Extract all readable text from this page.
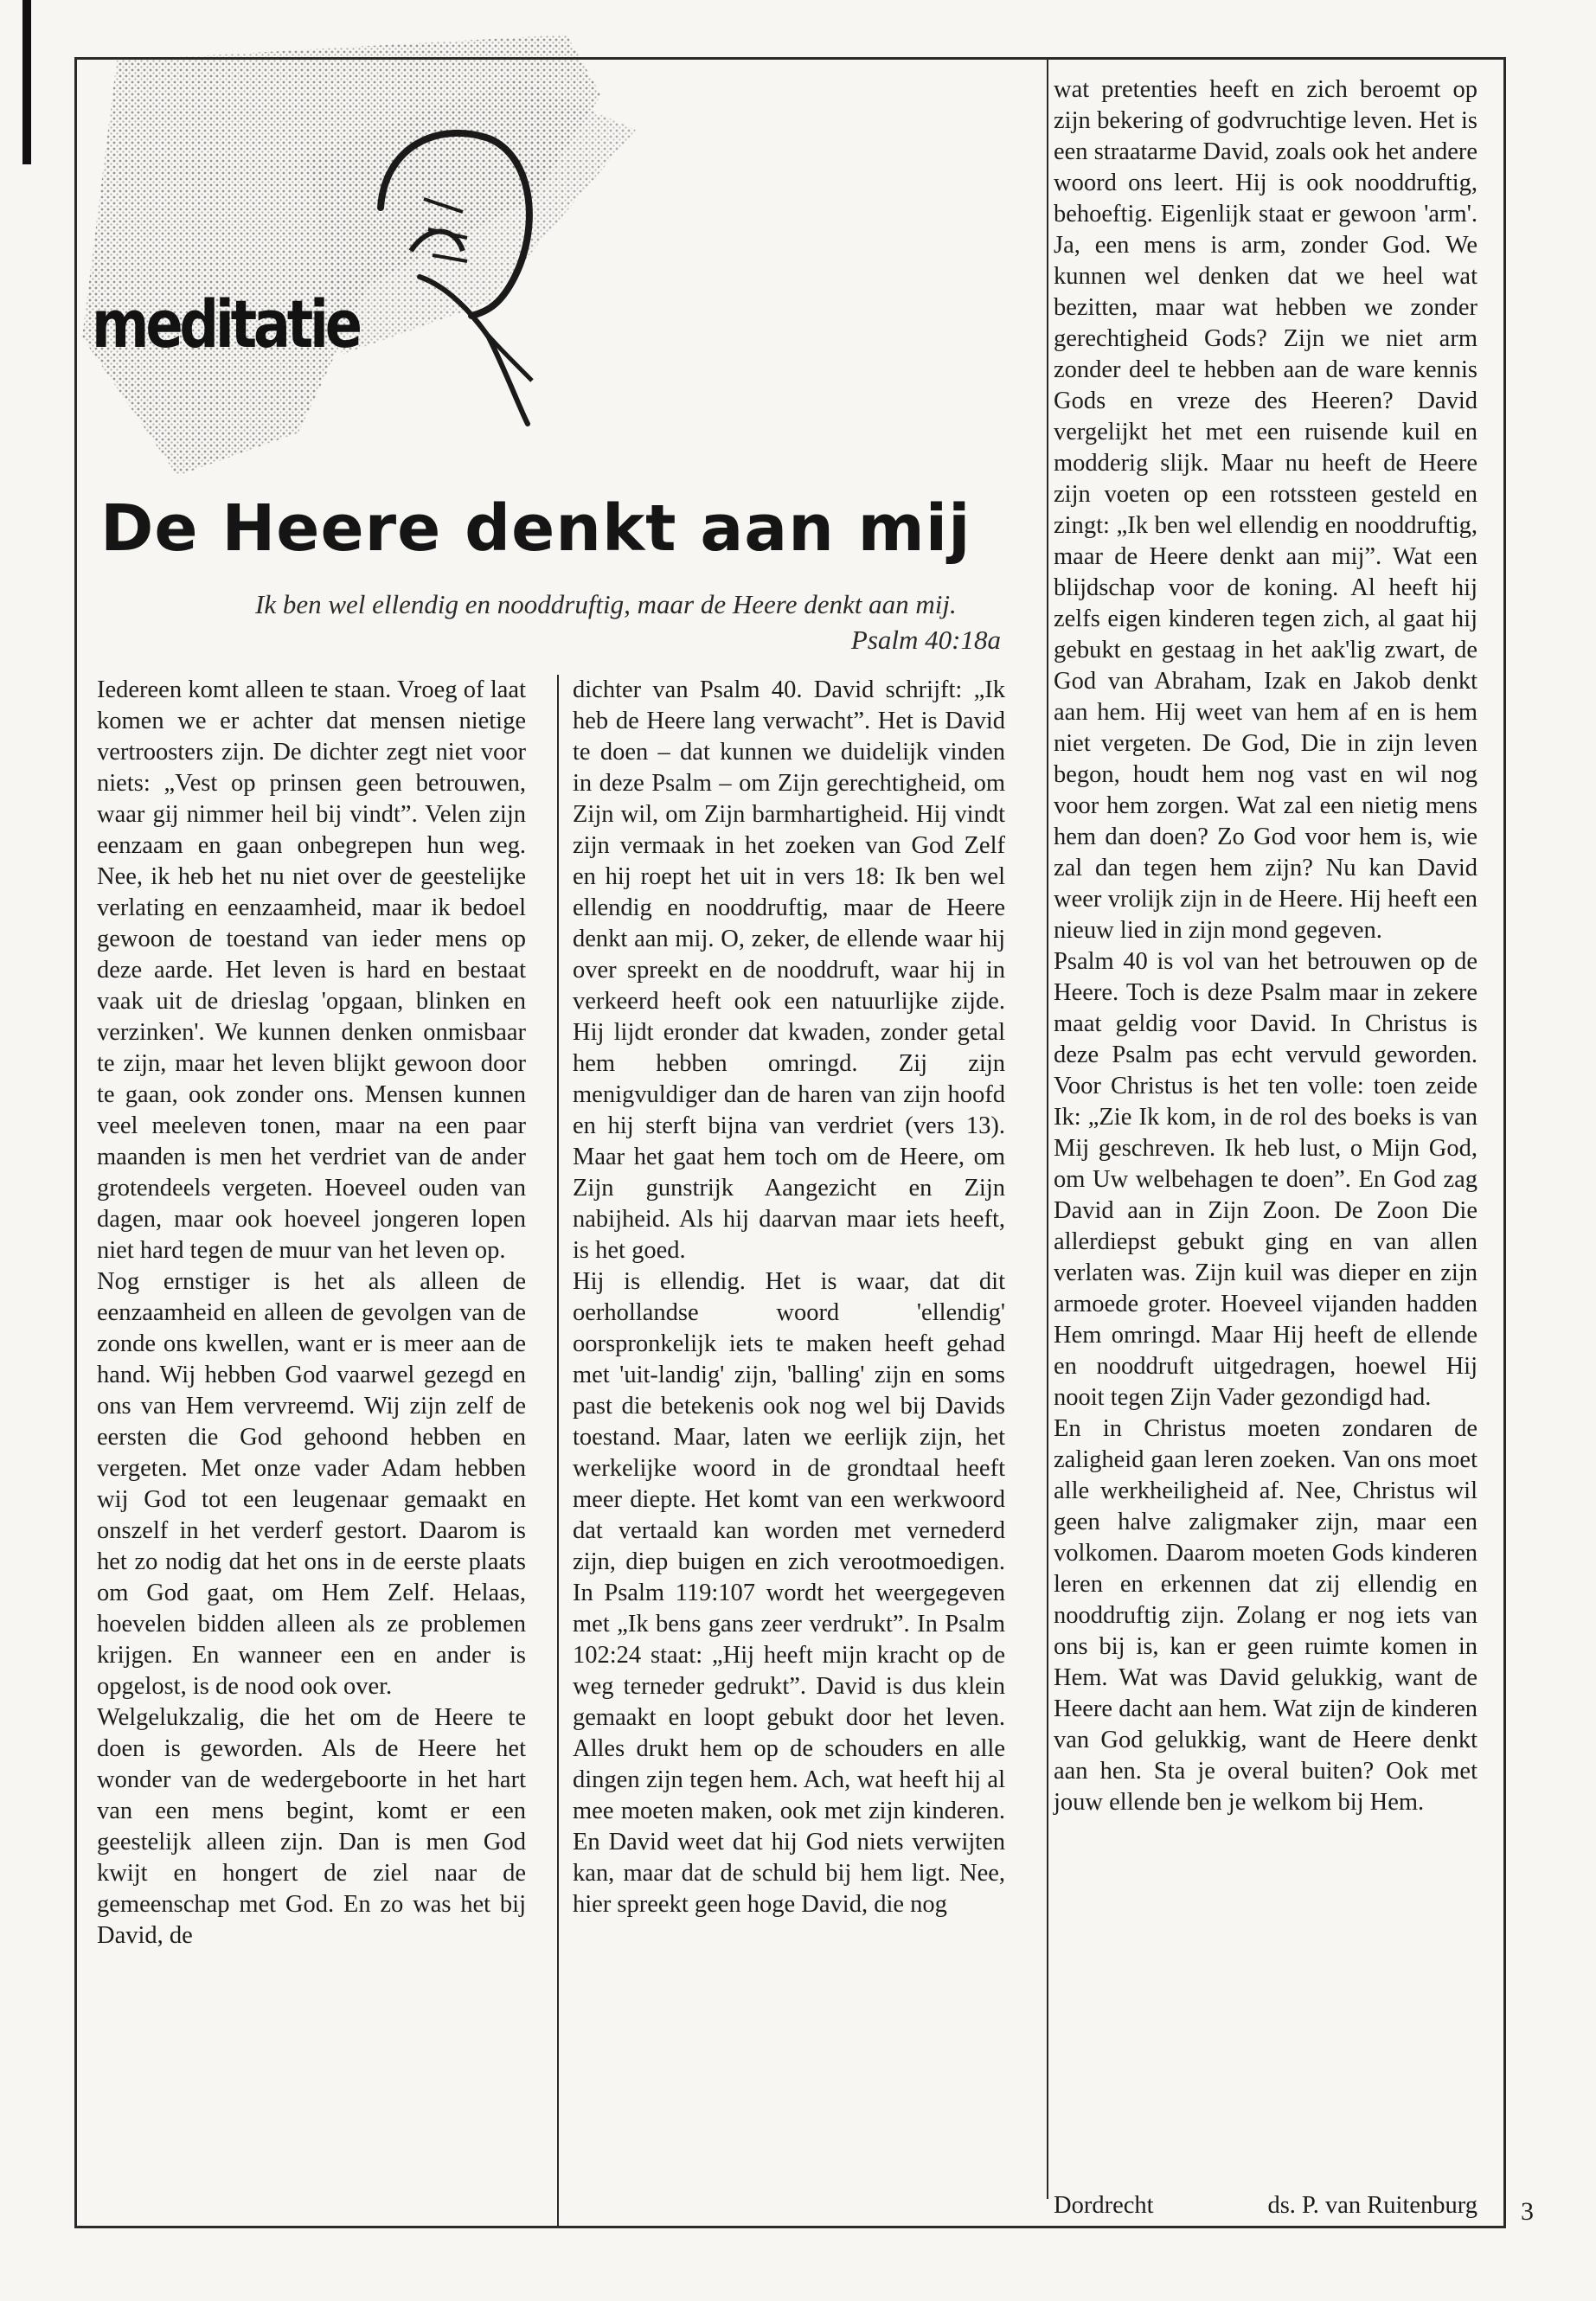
meditatie
De Heere denkt aan mij
Ik ben wel ellendig en nooddruftig, maar de Heere denkt aan mij.
Psalm 40:18a

Iedereen komt alleen te staan. Vroeg of laat komen we er achter dat mensen nietige vertroosters zijn. De dichter zegt niet voor niets: „Vest op prinsen geen betrouwen, waar gij nimmer heil bij vindt”. Velen zijn eenzaam en gaan onbegrepen hun weg. Nee, ik heb het nu niet over de geestelijke verlating en eenzaamheid, maar ik bedoel gewoon de toestand van ieder mens op deze aarde. Het leven is hard en bestaat vaak uit de drieslag 'opgaan, blinken en verzinken'. We kunnen denken onmisbaar te zijn, maar het leven blijkt gewoon door te gaan, ook zonder ons. Mensen kunnen veel meeleven tonen, maar na een paar maanden is men het verdriet van de ander grotendeels vergeten. Hoeveel ouden van dagen, maar ook hoeveel jongeren lopen niet hard tegen de muur van het leven op.

Nog ernstiger is het als alleen de eenzaamheid en alleen de gevolgen van de zonde ons kwellen, want er is meer aan de hand. Wij hebben God vaarwel gezegd en ons van Hem vervreemd. Wij zijn zelf de eersten die God gehoond hebben en vergeten. Met onze vader Adam hebben wij God tot een leugenaar gemaakt en onszelf in het verderf gestort. Daarom is het zo nodig dat het ons in de eerste plaats om God gaat, om Hem Zelf. Helaas, hoevelen bidden alleen als ze problemen krijgen. En wanneer een en ander is opgelost, is de nood ook over.

Welgelukzalig, die het om de Heere te doen is geworden. Als de Heere het wonder van de wedergeboorte in het hart van een mens begint, komt er een geestelijk alleen zijn. Dan is men God kwijt en hongert de ziel naar de gemeenschap met God. En zo was het bij David, de

dichter van Psalm 40. David schrijft: „Ik heb de Heere lang verwacht”. Het is David te doen – dat kunnen we duidelijk vinden in deze Psalm – om Zijn gerechtigheid, om Zijn wil, om Zijn barmhartigheid. Hij vindt zijn vermaak in het zoeken van God Zelf en hij roept het uit in vers 18: Ik ben wel ellendig en nooddruftig, maar de Heere denkt aan mij. O, zeker, de ellende waar hij over spreekt en de nooddruft, waar hij in verkeerd heeft ook een natuurlijke zijde. Hij lijdt eronder dat kwaden, zonder getal hem hebben omringd. Zij zijn menigvuldiger dan de haren van zijn hoofd en hij sterft bijna van verdriet (vers 13). Maar het gaat hem toch om de Heere, om Zijn gunstrijk Aangezicht en Zijn nabijheid. Als hij daarvan maar iets heeft, is het goed.

Hij is ellendig. Het is waar, dat dit oerhollandse woord 'ellendig' oorspronkelijk iets te maken heeft gehad met 'uit-landig' zijn, 'balling' zijn en soms past die betekenis ook nog wel bij Davids toestand. Maar, laten we eerlijk zijn, het werkelijke woord in de grondtaal heeft meer diepte. Het komt van een werkwoord dat vertaald kan worden met vernederd zijn, diep buigen en zich verootmoedigen. In Psalm 119:107 wordt het weergegeven met „Ik bens gans zeer verdrukt”. In Psalm 102:24 staat: „Hij heeft mijn kracht op de weg terneder gedrukt”. David is dus klein gemaakt en loopt gebukt door het leven. Alles drukt hem op de schouders en alle dingen zijn tegen hem. Ach, wat heeft hij al mee moeten maken, ook met zijn kinderen. En David weet dat hij God niets verwijten kan, maar dat de schuld bij hem ligt. Nee, hier spreekt geen hoge David, die nog

wat pretenties heeft en zich beroemt op zijn bekering of godvruchtige leven. Het is een straatarme David, zoals ook het andere woord ons leert. Hij is ook nooddruftig, behoeftig. Eigenlijk staat er gewoon 'arm'. Ja, een mens is arm, zonder God. We kunnen wel denken dat we heel wat bezitten, maar wat hebben we zonder gerechtigheid Gods? Zijn we niet arm zonder deel te hebben aan de ware kennis Gods en vreze des Heeren? David vergelijkt het met een ruisende kuil en modderig slijk. Maar nu heeft de Heere zijn voeten op een rotssteen gesteld en zingt: „Ik ben wel ellendig en nooddruftig, maar de Heere denkt aan mij”. Wat een blijdschap voor de koning. Al heeft hij zelfs eigen kinderen tegen zich, al gaat hij gebukt en gestaag in het aak'lig zwart, de God van Abraham, Izak en Jakob denkt aan hem. Hij weet van hem af en is hem niet vergeten. De God, Die in zijn leven begon, houdt hem nog vast en wil nog voor hem zorgen. Wat zal een nietig mens hem dan doen? Zo God voor hem is, wie zal dan tegen hem zijn? Nu kan David weer vrolijk zijn in de Heere. Hij heeft een nieuw lied in zijn mond gegeven.

Psalm 40 is vol van het betrouwen op de Heere. Toch is deze Psalm maar in zekere maat geldig voor David. In Christus is deze Psalm pas echt vervuld geworden. Voor Christus is het ten volle: toen zeide Ik: „Zie Ik kom, in de rol des boeks is van Mij geschreven. Ik heb lust, o Mijn God, om Uw welbehagen te doen”. En God zag David aan in Zijn Zoon. De Zoon Die allerdiepst gebukt ging en van allen verlaten was. Zijn kuil was dieper en zijn armoede groter. Hoeveel vijanden hadden Hem omringd. Maar Hij heeft de ellende en nooddruft uitgedragen, hoewel Hij nooit tegen Zijn Vader gezondigd had.

En in Christus moeten zondaren de zaligheid gaan leren zoeken. Van ons moet alle werkheiligheid af. Nee, Christus wil geen halve zaligmaker zijn, maar een volkomen. Daarom moeten Gods kinderen leren en erkennen dat zij ellendig en nooddruftig zijn. Zolang er nog iets van ons bij is, kan er geen ruimte komen in Hem. Wat was David gelukkig, want de Heere dacht aan hem. Wat zijn de kinderen van God gelukkig, want de Heere denkt aan hen. Sta je overal buiten? Ook met jouw ellende ben je welkom bij Hem.

Dordrecht	ds. P. van Ruitenburg 3
